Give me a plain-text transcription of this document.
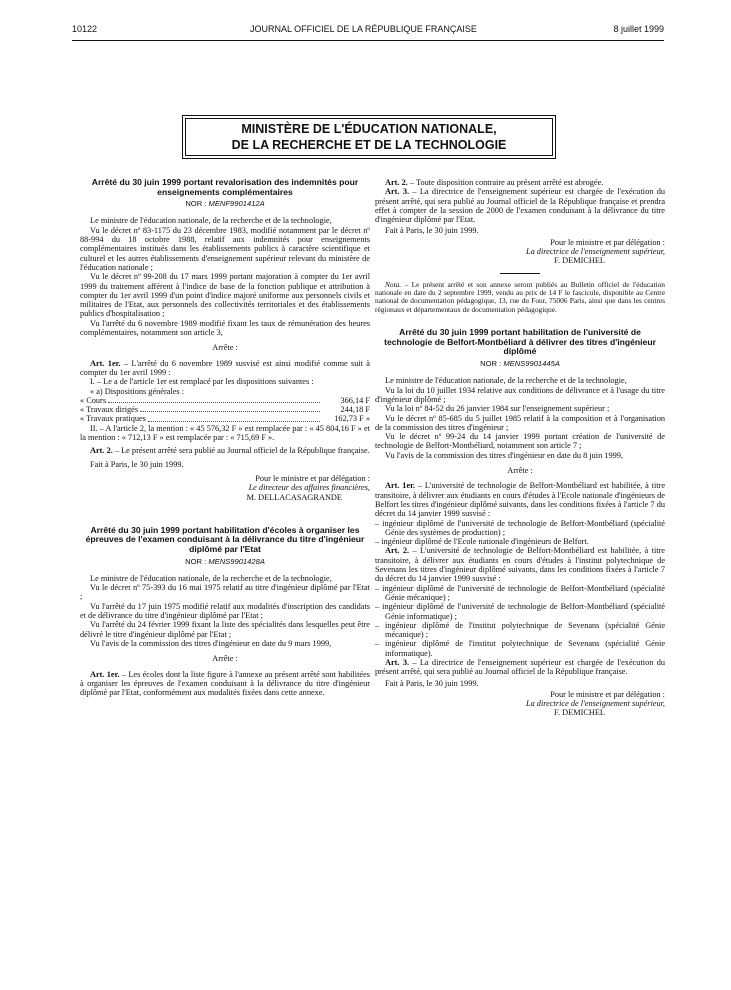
10122	JOURNAL OFFICIEL DE LA RÉPUBLIQUE FRANÇAISE	8 juillet 1999
MINISTÈRE DE L'ÉDUCATION NATIONALE,
DE LA RECHERCHE ET DE LA TECHNOLOGIE

Arrêté du 30 juin 1999 portant revalorisation des indemnités pour enseignements complémentaires

NOR : MENF9901412A

Le ministre de l'éducation nationale, de la recherche et de la technologie,

Vu le décret nº 83-1175 du 23 décembre 1983, modifié notamment par le décret nº 88-994 du 18 octobre 1988, relatif aux indemnités pour enseignements complémentaires institués dans les établissements publics à caractère scientifique et culturel et les autres établissements d'enseignement supérieur relevant du ministère de l'éducation nationale ;

Vu le décret nº 99-208 du 17 mars 1999 portant majoration à compter du 1er avril 1999 du traitement afférent à l'indice de base de la fonction publique et attribution à compter du 1er avril 1999 d'un point d'indice majoré uniforme aux personnels civils et militaires de l'Etat, aux personnels des collectivités territoriales et des établissements publics d'hospitalisation ;

Vu l'arrêté du 6 novembre 1989 modifié fixant les taux de rémunération des heures complémentaires, notamment son article 3,

Arrête :

Art. 1er. – L'arrêté du 6 novembre 1989 susvisé est ainsi modifié comme suit à compter du 1er avril 1999 :

I. – Le a de l'article 1er est remplacé par les dispositions suivantes :

« a) Dispositions générales :

« Cours	366,14 F
« Travaux dirigés	244,18 F
« Travaux pratiques	162,73 F »

II. – A l'article 2, la mention : « 45 576,32 F » est remplacée par : « 45 804,16 F » et la mention : « 712,13 F » est remplacée par : « 715,69 F ».

Art. 2. – Le présent arrêté sera publié au Journal officiel de la République française.

Fait à Paris, le 30 juin 1999.

Pour le ministre et par délégation :

Le directeur des affaires financières,

M. DELLACASAGRANDE

Arrêté du 30 juin 1999 portant habilitation d'écoles à organiser les épreuves de l'examen conduisant à la délivrance du titre d'ingénieur diplômé par l'Etat

NOR : MENS9901428A

Le ministre de l'éducation nationale, de la recherche et de la technologie,

Vu le décret nº 75-393 du 16 mai 1975 relatif au titre d'ingénieur diplômé par l'Etat ;

Vu l'arrêté du 17 juin 1975 modifié relatif aux modalités d'inscription des candidats et de délivrance du titre d'ingénieur diplômé par l'Etat ;

Vu l'arrêté du 24 février 1999 fixant la liste des spécialités dans lesquelles peut être délivré le titre d'ingénieur diplômé par l'Etat ;

Vu l'avis de la commission des titres d'ingénieur en date du 9 mars 1999,

Arrête :

Art. 1er. – Les écoles dont la liste figure à l'annexe au présent arrêté sont habilitées à organiser les épreuves de l'examen conduisant à la délivrance du titre d'ingénieur diplômé par l'Etat, conformément aux modalités fixées dans cette annexe.

Art. 2. – Toute disposition contraire au présent arrêté est abrogée.

Art. 3. – La directrice de l'enseignement supérieur est chargée de l'exécution du présent arrêté, qui sera publié au Journal officiel de la République française et prendra effet à compter de la session de 2000 de l'examen conduisant à la délivrance du titre d'ingénieur diplômé par l'Etat.

Fait à Paris, le 30 juin 1999.

Pour le ministre et par délégation :

La directrice de l'enseignement supérieur,

F. DEMICHEL

Nota. – Le présent arrêté et son annexe seront publiés au Bulletin officiel de l'éducation nationale en date du 2 septembre 1999, vendu au prix de 14 F le fascicule, disponible au Centre national de documentation pédagogique, 13, rue du Four, 75006 Paris, ainsi que dans les centres régionaux et départementaux de documentation pédagogique.

Arrêté du 30 juin 1999 portant habilitation de l'université de technologie de Belfort-Montbéliard à délivrer des titres d'ingénieur diplômé

NOR : MENS9901445A

Le ministre de l'éducation nationale, de la recherche et de la technologie,

Vu la loi du 10 juillet 1934 relative aux conditions de délivrance et à l'usage du titre d'ingénieur diplômé ;

Vu la loi nº 84-52 du 26 janvier 1984 sur l'enseignement supérieur ;

Vu le décret nº 85-685 du 5 juillet 1985 relatif à la composition et à l'organisation de la commission des titres d'ingénieur ;

Vu le décret nº 99-24 du 14 janvier 1999 portant création de l'université de technologie de Belfort-Montbéliard, notamment son article 7 ;

Vu l'avis de la commission des titres d'ingénieur en date du 8 juin 1999,

Arrête :

Art. 1er. – L'université de technologie de Belfort-Montbéliard est habilitée, à titre transitoire, à délivrer aux étudiants en cours d'études à l'Ecole nationale d'ingénieurs de Belfort les titres d'ingénieur diplômé suivants, dans les conditions fixées à l'article 7 du décret du 14 janvier 1999 susvisé :

– ingénieur diplômé de l'université de technologie de Belfort-Montbéliard (spécialité Génie des systèmes de production) ;

– ingénieur diplômé de l'Ecole nationale d'ingénieurs de Belfort.

Art. 2. – L'université de technologie de Belfort-Montbéliard est habilitée, à titre transitoire, à délivrer aux étudiants en cours d'études à l'institut polytechnique de Sevenans les titres d'ingénieur diplômé suivants, dans les conditions fixées à l'article 7 du décret du 14 janvier 1999 susvisé :

– ingénieur diplômé de l'université de technologie de Belfort-Montbéliard (spécialité Génie mécanique) ;

– ingénieur diplômé de l'université de technologie de Belfort-Montbéliard (spécialité Génie informatique) ;

– ingénieur diplômé de l'institut polytechnique de Sevenans (spécialité Génie mécanique) ;

– ingénieur diplômé de l'institut polytechnique de Sevenans (spécialité Génie informatique).

Art. 3. – La directrice de l'enseignement supérieur est chargée de l'exécution du présent arrêté, qui sera publié au Journal officiel de la République française.

Fait à Paris, le 30 juin 1999.

Pour le ministre et par délégation :

La directrice de l'enseignement supérieur,

F. DEMICHEL
